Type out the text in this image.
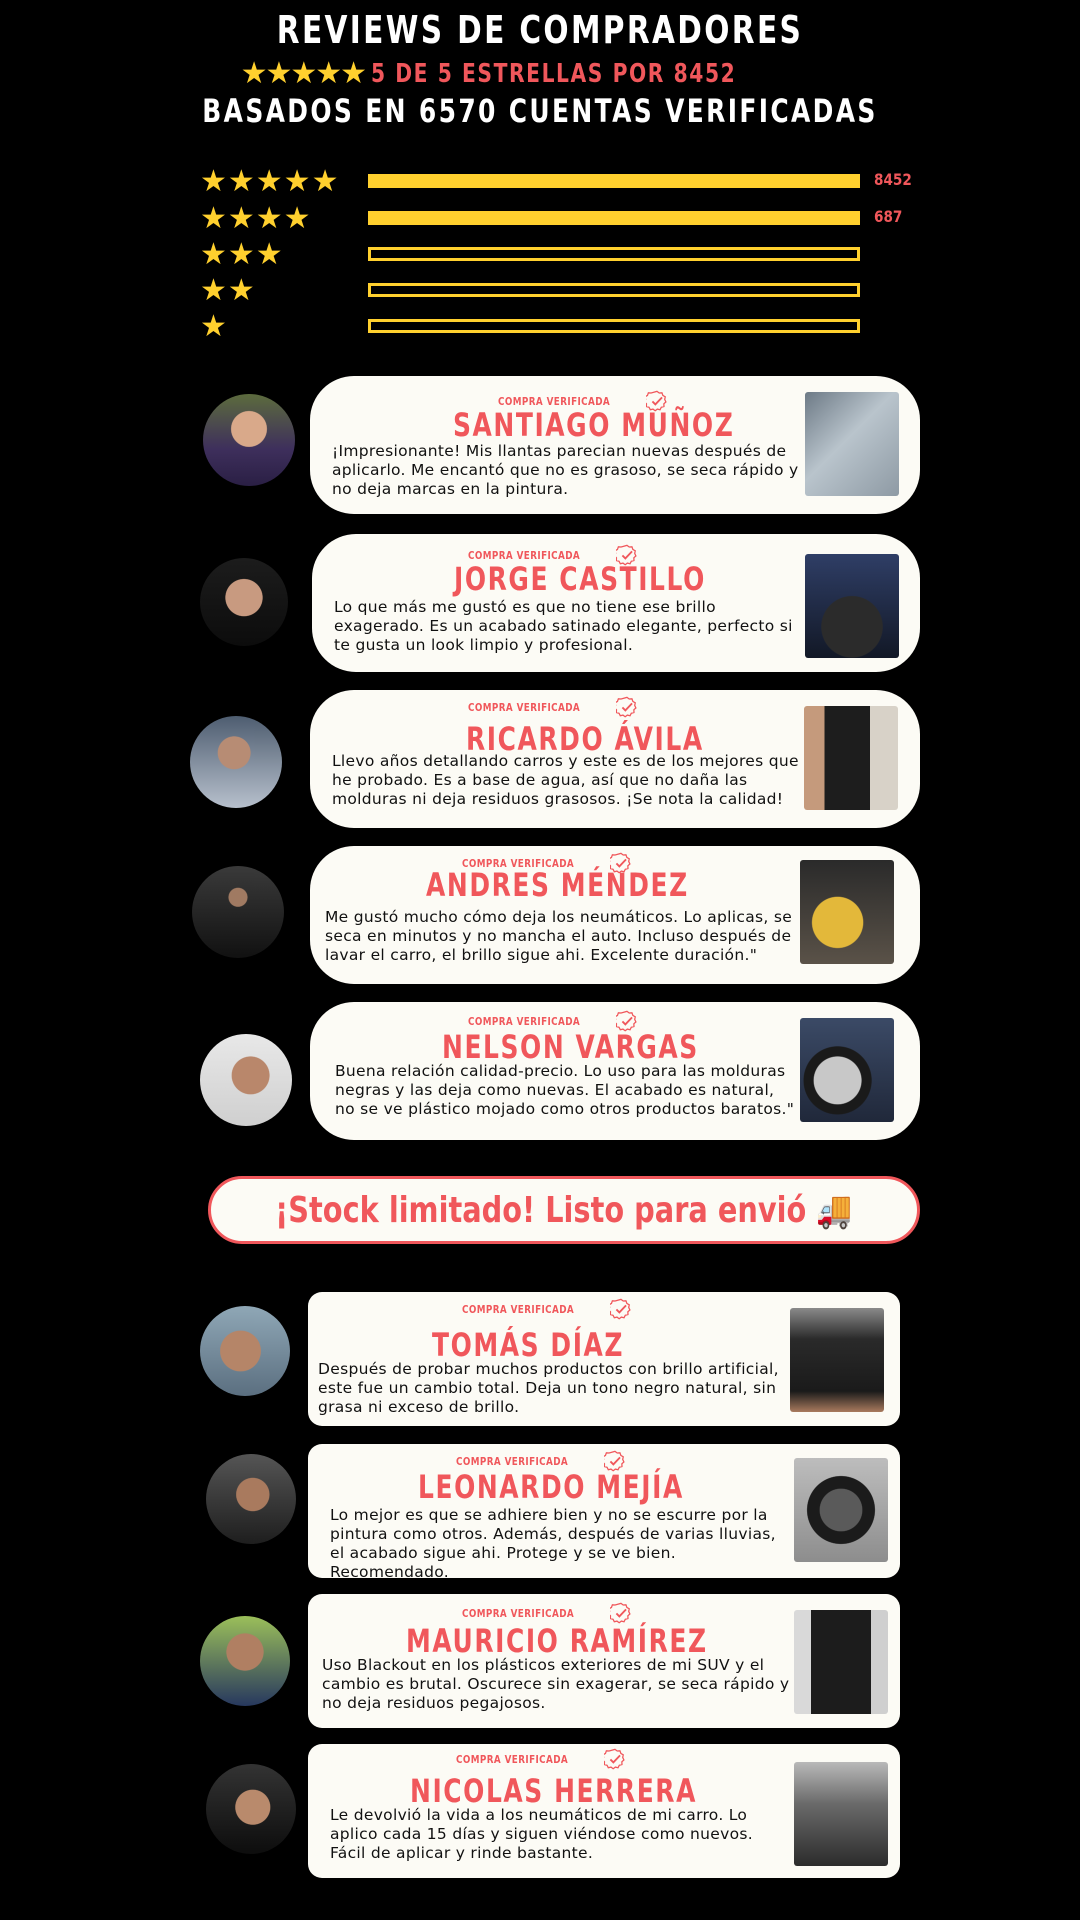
REVIEWS DE COMPRADORES
★★★★★ 5 DE 5 ESTRELLAS POR 8452
BASADOS EN 6570 CUENTAS VERIFICADAS
★★★★★	8452
★★★★	687
★★★
★★
★
COMPRA VERIFICADA
SANTIAGO MUÑOZ
¡Impresionante! Mis llantas parecian nuevas después de aplicarlo. Me encantó que no es grasoso, se seca rápido y no deja marcas en la pintura.
COMPRA VERIFICADA
JORGE CASTILLO
Lo que más me gustó es que no tiene ese brillo exagerado. Es un acabado satinado elegante, perfecto si te gusta un look limpio y profesional.
COMPRA VERIFICADA
RICARDO ÁVILA
Llevo años detallando carros y este es de los mejores que he probado. Es a base de agua, así que no daña las molduras ni deja residuos grasosos. ¡Se nota la calidad!
COMPRA VERIFICADA
ANDRES MÉNDEZ
Me gustó mucho cómo deja los neumáticos. Lo aplicas, se seca en minutos y no mancha el auto. Incluso después de lavar el carro, el brillo sigue ahi. Excelente duración."
COMPRA VERIFICADA
NELSON VARGAS
Buena relación calidad-precio. Lo uso para las molduras negras y las deja como nuevas. El acabado es natural, no se ve plástico mojado como otros productos baratos."
COMPRA VERIFICADA
TOMÁS DÍAZ
Después de probar muchos productos con brillo artificial, este fue un cambio total. Deja un tono negro natural, sin grasa ni exceso de brillo.
COMPRA VERIFICADA
LEONARDO MEJÍA
Lo mejor es que se adhiere bien y no se escurre por la pintura como otros. Además, después de varias lluvias, el acabado sigue ahi. Protege y se ve bien. Recomendado.
COMPRA VERIFICADA
MAURICIO RAMÍREZ
Uso Blackout en los plásticos exteriores de mi SUV y el cambio es brutal. Oscurece sin exagerar, se seca rápido y no deja residuos pegajosos.
COMPRA VERIFICADA
NICOLAS HERRERA
Le devolvió la vida a los neumáticos de mi carro. Lo aplico cada 15 días y siguen viéndose como nuevos. Fácil de aplicar y rinde bastante.
¡Stock limitado! Listo para envió 🚚
